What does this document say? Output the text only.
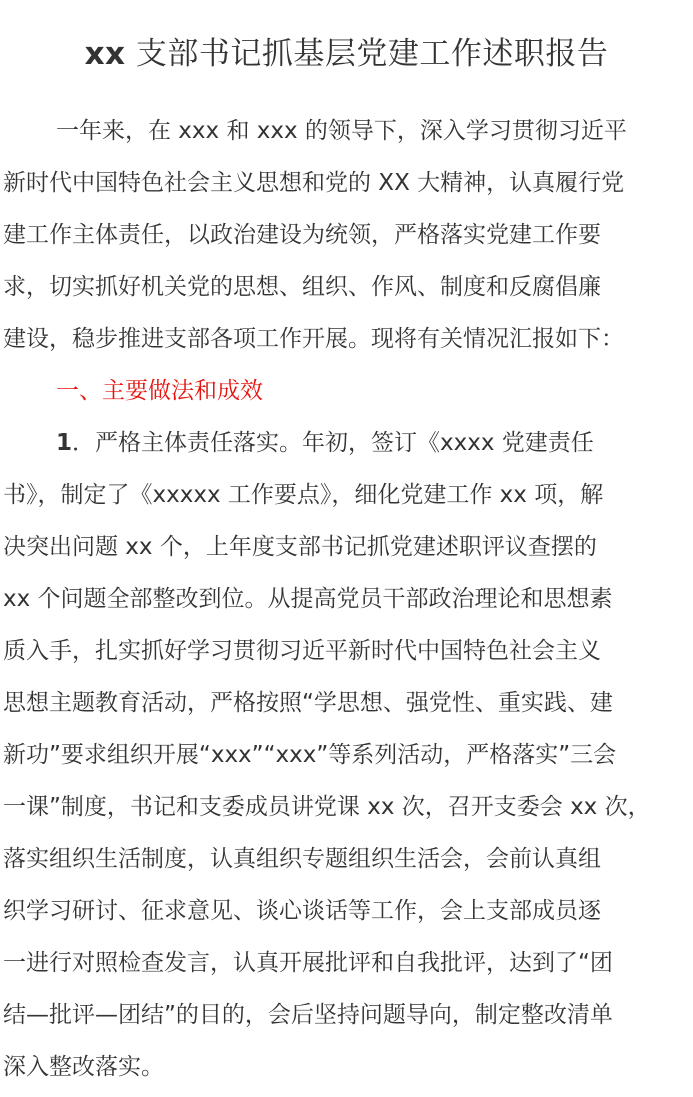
xx 支部书记抓基层党建工作述职报告
一年来，在 xxx 和 xxx 的领导下，深入学习贯彻习近平
新时代中国特色社会主义思想和党的 XX 大精神，认真履行党
建工作主体责任，以政治建设为统领，严格落实党建工作要
求，切实抓好机关党的思想、组织、作风、制度和反腐倡廉
建设，稳步推进支部各项工作开展。现将有关情况汇报如下：
一、主要做法和成效
1．严格主体责任落实。年初，签订《xxxx 党建责任
书》，制定了《xxxxx 工作要点》，细化党建工作 xx 项，解
决突出问题 xx 个，上年度支部书记抓党建述职评议查摆的
xx 个问题全部整改到位。从提高党员干部政治理论和思想素
质入手，扎实抓好学习贯彻习近平新时代中国特色社会主义
思想主题教育活动，严格按照“学思想、强党性、重实践、建
新功”要求组织开展“xxx”“xxx”等系列活动，严格落实”三会
一课”制度，书记和支委成员讲党课 xx 次，召开支委会 xx 次，
落实组织生活制度，认真组织专题组织生活会，会前认真组
织学习研讨、征求意见、谈心谈话等工作，会上支部成员逐
一进行对照检查发言，认真开展批评和自我批评，达到了“团
结—批评—团结”的目的，会后坚持问题导向，制定整改清单
深入整改落实。
